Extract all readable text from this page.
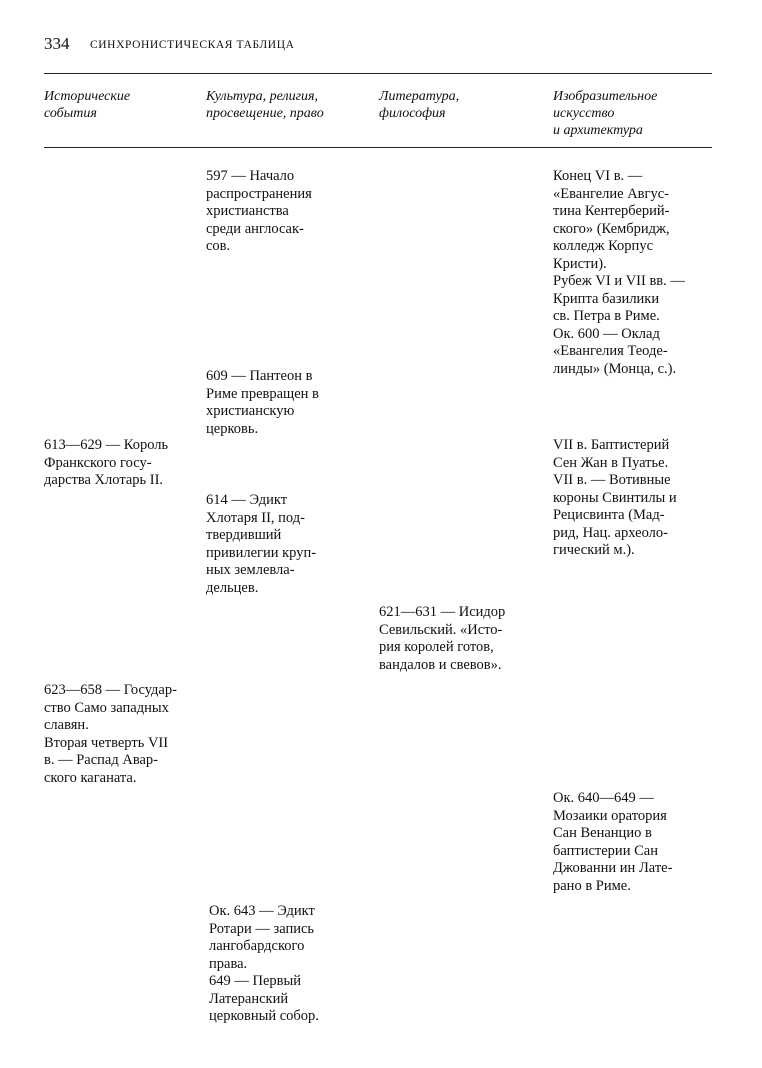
334 СИНХРОНИСТИЧЕСКАЯ ТАБЛИЦА
Исторические
события
Культура, религия,
просвещение, право
Литература,
философия
Изобразительное
искусство
и архитектура
613—629 — Король
Франкского госу-
дарства Хлотарь II.
623—658 — Государ-
ство Само западных
славян.
Вторая четверть VII
в. — Распад Авар-
ского каганата.
597 — Начало
распространения
христианства
среди англосак-
сов.
609 — Пантеон в
Риме превращен в
христианскую
церковь.
614 — Эдикт
Хлотаря II, под-
твердивший
привилегии круп-
ных землевла-
дельцев.
Ок. 643 — Эдикт
Ротари — запись
лангобардского
права.
649 — Первый
Латеранский
церковный собор.
621—631 — Исидор
Севильский. «Исто-
рия королей готов,
вандалов и свевов».
Конец VI в. —
«Евангелие Авгус-
тина Кентерберий-
ского» (Кембридж,
колледж Корпус
Кристи).
Рубеж VI и VII вв. —
Крипта базилики
св. Петра в Риме.
Ок. 600 — Оклад
«Евангелия Теоде-
линды» (Монца, с.).
VII в. Баптистерий
Сен Жан в Пуатье.
VII в. — Вотивные
короны Свинтилы и
Рецисвинта (Мад-
рид, Нац. археоло-
гический м.).
Ок. 640—649 —
Мозаики оратория
Сан Венанцио в
баптистерии Сан
Джованни ин Лате-
рано в Риме.
